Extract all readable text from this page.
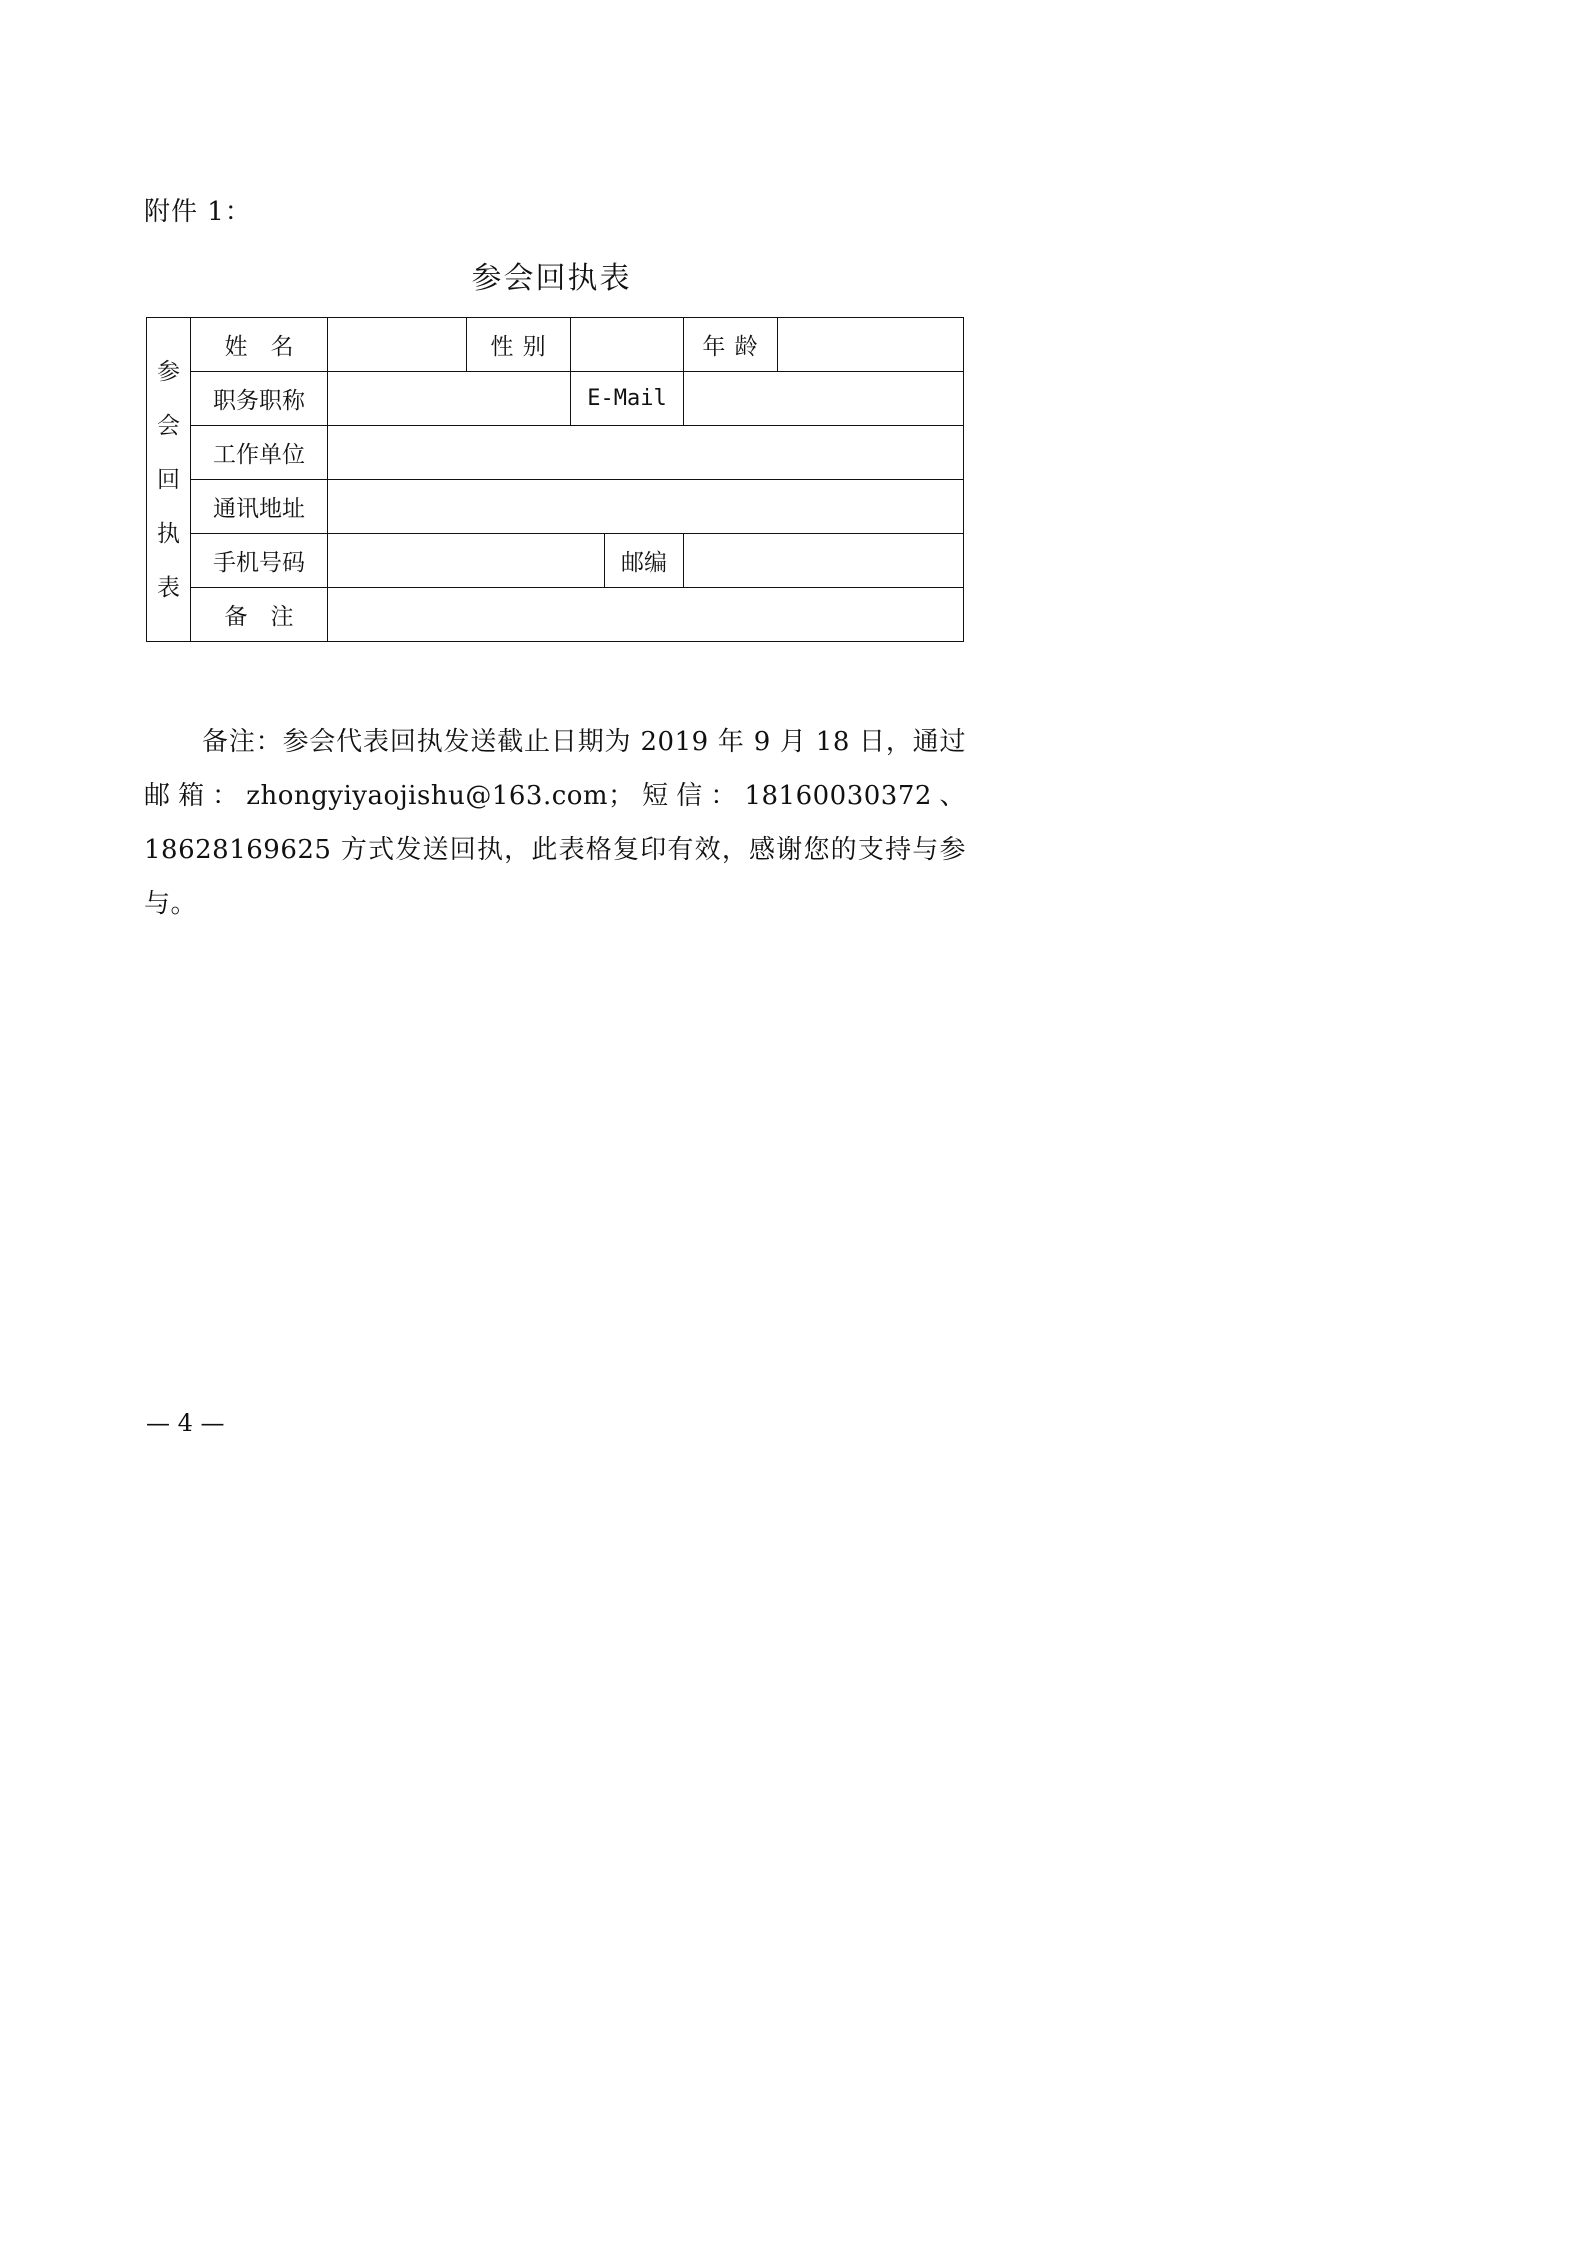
附件 1：
参会回执表
参
会
回
执
表	姓　名		性 别			年 龄	
	职务职称			E-Mail			
	工作单位						
	通讯地址						
	手机号码				邮编		
	备　注						
备注：参会代表回执发送截止日期为 2019 年 9 月 18 日，通过邮箱：zhongyiyaojishu@163.com；短信：18160030372、18628169625 方式发送回执，此表格复印有效，感谢您的支持与参与。
— 4 —
